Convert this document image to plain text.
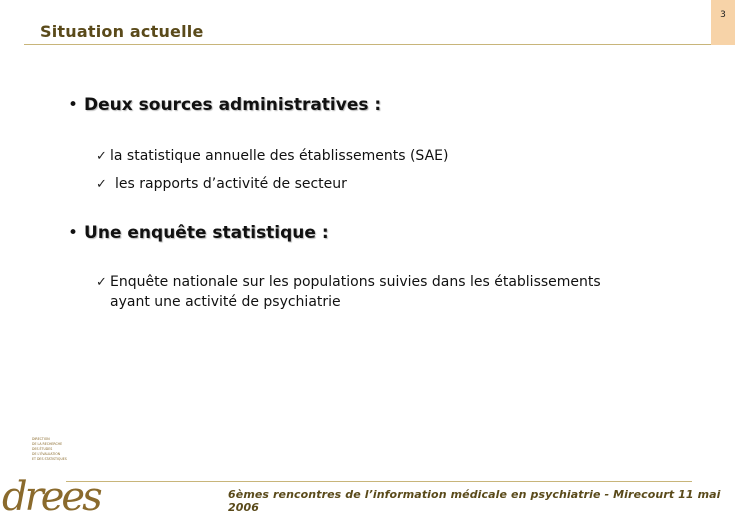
Situation actuelle
3
• Deux sources administratives :
✓ la statistique annuelle des établissements (SAE)
✓ les rapports d’activité de secteur
• Une enquête statistique :
✓ Enquête nationale sur les populations suivies dans les établissements
ayant une activité de psychiatrie
6èmes rencontres de l’information médicale en psychiatrie - Mirecourt 11 mai 2006
DIRECTION
DE LA RECHERCHE
DES ÉTUDES
DE L’ÉVALUATION
ET DES STATISTIQUES
drees
